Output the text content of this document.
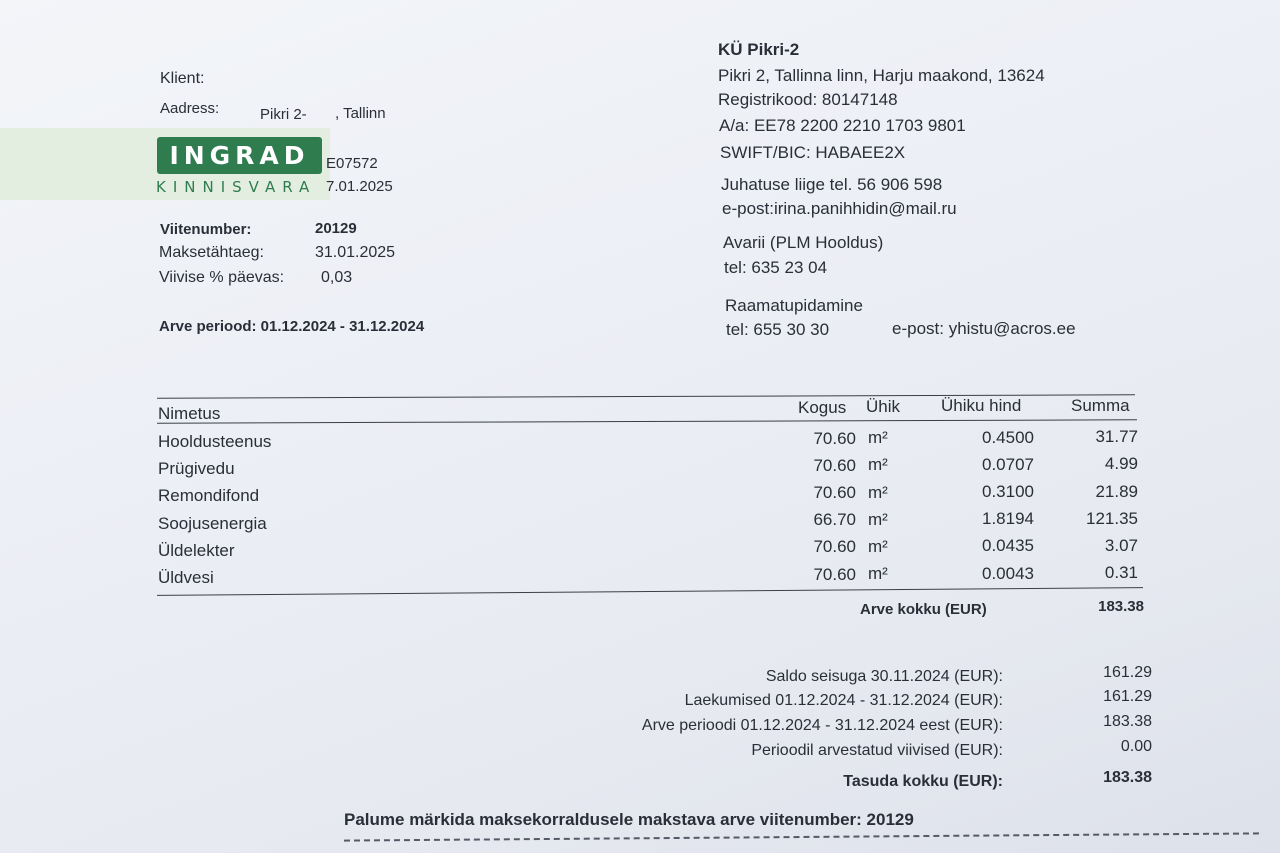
Klient:
Aadress:	Pikri 2- , Tallinn
INGRAD
KINNISVARA
E07572
7.01.2025
Viitenumber:	20129
Maksetähtaeg:	31.01.2025
Viivise % päevas: 0,03
Arve periood: 01.12.2024 - 31.12.2024
KÜ Pikri-2
Pikri 2, Tallinna linn, Harju maakond, 13624
Registrikood: 80147148
A/a: EE78 2200 2210 1703 9801
SWIFT/BIC: HABAEE2X
Juhatuse liige tel. 56 906 598
e-post:irina.panihhidin@mail.ru
Avarii (PLM Hooldus)
tel: 635 23 04
Raamatupidamine
tel: 655 30 30	e-post: yhistu@acros.ee
Nimetus	Kogus Ühik Ühiku hind	Summa
Hooldusteenus	70.60 m²	0.4500	31.77
Prügivedu	70.60 m²	0.0707	4.99
Remondifond	70.60 m²	0.3100	21.89
Soojusenergia	66.70 m²	1.8194	121.35
Üldelekter	70.60 m²	0.0435	3.07
Üldvesi	70.60 m²	0.0043	0.31
Arve kokku (EUR)	183.38
Saldo seisuga 30.11.2024 (EUR):	161.29
Laekumised 01.12.2024 - 31.12.2024 (EUR):	161.29
Arve perioodi 01.12.2024 - 31.12.2024 eest (EUR):	183.38
Perioodil arvestatud viivised (EUR):	0.00
Tasuda kokku (EUR):	183.38
Palume märkida maksekorraldusele makstava arve viitenumber: 20129
